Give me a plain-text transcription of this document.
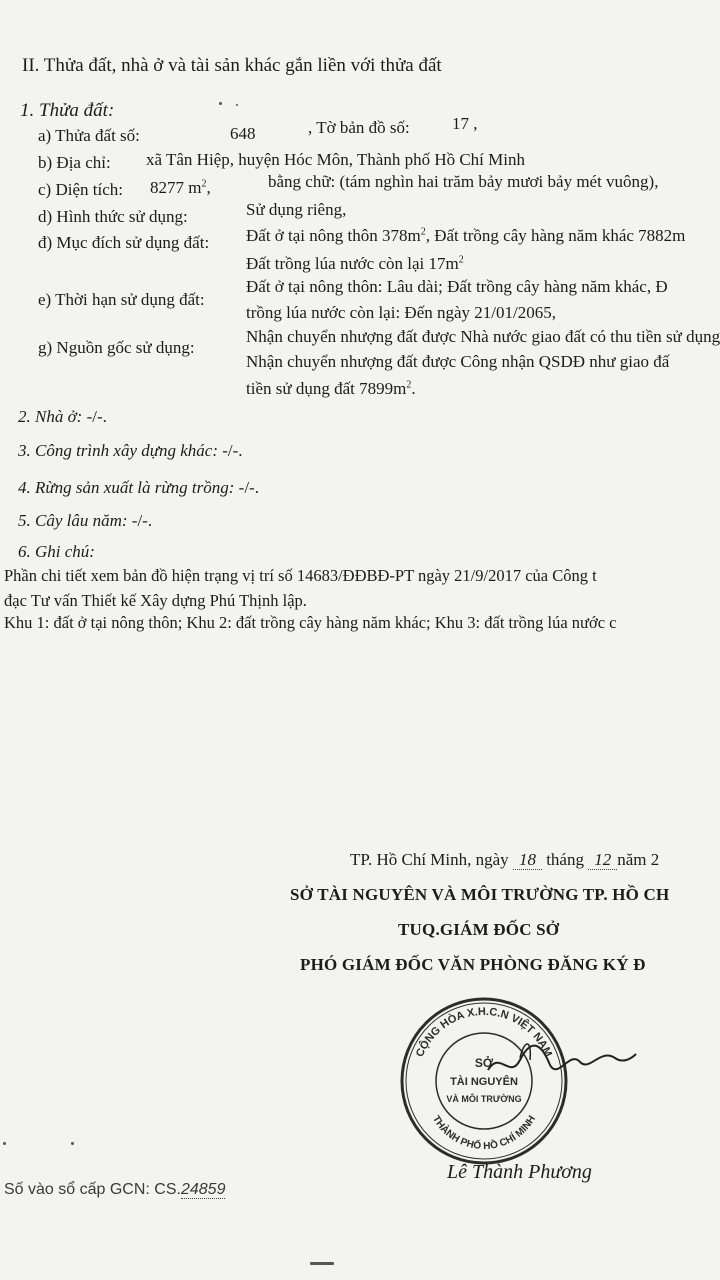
II. Thửa đất, nhà ở và tài sản khác gắn liền với thửa đất
1. Thửa đất:
a) Thửa đất số:	648	, Tờ bản đồ số: 17 ,
b) Địa chỉ: xã Tân Hiệp, huyện Hóc Môn, Thành phố Hồ Chí Minh
c) Diện tích: 8277 $m^2$,	bằng chữ: (tám nghìn hai trăm bảy mươi bảy mét vuông),
d) Hình thức sử dụng:	Sử dụng riêng,
đ) Mục đích sử dụng đất: Đất ở tại nông thôn $378m^2$, Đất trồng cây hàng năm khác 7882m
Đất trồng lúa nước còn lại $17m^2$
e) Thời hạn sử dụng đất:
Đất ở tại nông thôn: Lâu dài; Đất trồng cây hàng năm khác, Đ
trồng lúa nước còn lại: Đến ngày 21/01/2065,
g) Nguồn gốc sử dụng:
Nhận chuyển nhượng đất được Nhà nước giao đất có thu tiền sử dụng
Nhận chuyển nhượng đất được Công nhận QSDĐ như giao đấ
tiền sử dụng đất $7899m^2$.
2. Nhà ở: -/-.
3. Công trình xây dựng khác: -/-.
4. Rừng sản xuất là rừng trồng: -/-.
5. Cây lâu năm: -/-.
6. Ghi chú:
Phần chi tiết xem bản đồ hiện trạng vị trí số 14683/ĐĐBĐ-PT ngày 21/9/2017 của Công t
đạc Tư vấn Thiết kế Xây dựng Phú Thịnh lập.
Khu 1: đất ở tại nông thôn; Khu 2: đất trồng cây hàng năm khác; Khu 3: đất trồng lúa nước c
TP. Hồ Chí Minh, ngày 18 tháng 12 năm 2
SỞ TÀI NGUYÊN VÀ MÔI TRƯỜNG TP. HỒ CH
TUQ.GIÁM ĐỐC SỞ
PHÓ GIÁM ĐỐC VĂN PHÒNG ĐĂNG KÝ Đ
CỘNG HÒA X.H.C.N VIỆT NAM
THÀNH PHỐ HỒ CHÍ MINH
SỞ
TÀI NGUYÊN
VÀ MÔI TRƯỜNG
Lê Thành Phương
Số vào sổ cấp GCN: CS.24859
